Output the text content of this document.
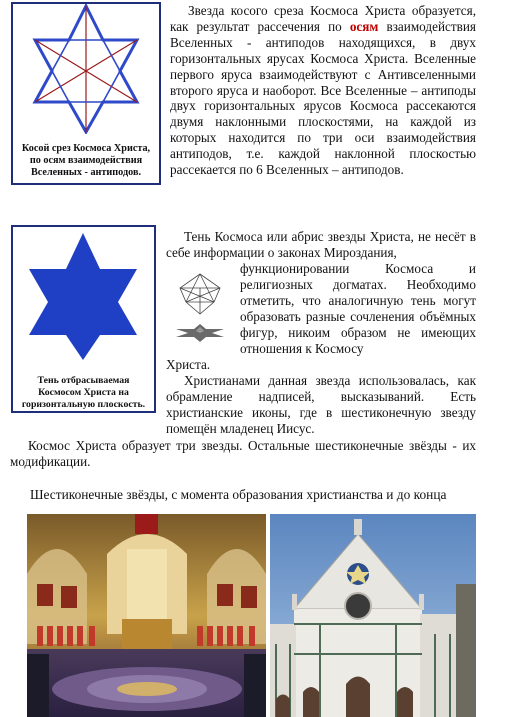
Косой срез Космоса Христа,
по осям взаимодействия
Вселенных - антиподов.

Звезда косого среза Космоса Христа образуется, как результат рассечения по осям взаимодействия Вселенных - антиподов находящихся, в двух горизонтальных ярусах Космоса Христа. Вселенные первого яруса взаимодействуют с Антивселенными второго яруса и наоборот. Все Вселенные – антиподы двух горизонтальных ярусов Космоса рассекаются двумя наклонными плоскостями, на каждой из которых находится по три оси взаимодействия антиподов, т.е. каждой наклонной плоскостью рассекается по 6 Вселенных – антиподов.

Тень отбрасываемая
Космосом Христа на
горизонтальную плоскость.

Тень Космоса или абрис звезды Христа, не несёт в себе информации о законах Мироздания,

функционировании Космоса и религиозных догматах. Необходимо отметить, что аналогичную тень могут образовать разные сочленения объёмных фигур, никоим образом не имеющих отношения к Космосу

Христа.

Христианами данная звезда использовалась, как обрамление надписей, высказываний. Есть христианские иконы, где в шестиконечную звезду помещён младенец Иисус.

Космос Христа образует три звезды. Остальные шестиконечные звёзды - их модификации.

Шестиконечные звёзды, с момента образования христианства и до конца
